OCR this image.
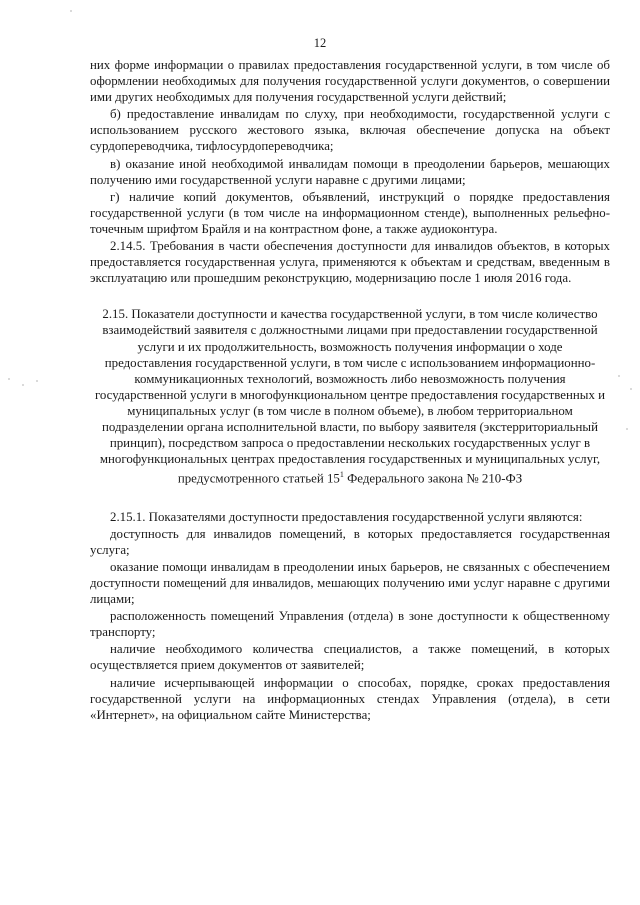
12

них форме информации о правилах предоставления государственной услуги, в том числе об оформлении необходимых для получения государственной услуги документов, о совершении ими других необходимых для получения государственной услуги действий;

б) предоставление инвалидам по слуху, при необходимости, государственной услуги с использованием русского жестового языка, включая обеспечение допуска на объект сурдопереводчика, тифлосурдопереводчика;

в) оказание иной необходимой инвалидам помощи в преодолении барьеров, мешающих получению ими государственной услуги наравне с другими лицами;

г) наличие копий документов, объявлений, инструкций о порядке предоставления государственной услуги (в том числе на информационном стенде), выполненных рельефно-точечным шрифтом Брайля и на контрастном фоне, а также аудиоконтура.

2.14.5. Требования в части обеспечения доступности для инвалидов объектов, в которых предоставляется государственная услуга, применяются к объектам и средствам, введенным в эксплуатацию или прошедшим реконструкцию, модернизацию после 1 июля 2016 года.

2.15. Показатели доступности и качества государственной услуги, в том числе количество взаимодействий заявителя с должностными лицами при предоставлении государственной услуги и их продолжительность, возможность получения информации о ходе предоставления государственной услуги, в том числе с использованием информационно-коммуникационных технологий, возможность либо невозможность получения государственной услуги в многофункциональном центре предоставления государственных и муниципальных услуг (в том числе в полном объеме), в любом территориальном подразделении органа исполнительной власти, по выбору заявителя (экстерриториальный принцип), посредством запроса о предоставлении нескольких государственных услуг в многофункциональных центрах предоставления государственных и муниципальных услуг, предусмотренного статьей $15^1$ Федерального закона № 210-ФЗ

2.15.1. Показателями доступности предоставления государственной услуги являются:

доступность для инвалидов помещений, в которых предоставляется государственная услуга;

оказание помощи инвалидам в преодолении иных барьеров, не связанных с обеспечением доступности помещений для инвалидов, мешающих получению ими услуг наравне с другими лицами;

расположенность помещений Управления (отдела) в зоне доступности к общественному транспорту;

наличие необходимого количества специалистов, а также помещений, в которых осуществляется прием документов от заявителей;

наличие исчерпывающей информации о способах, порядке, сроках предоставления государственной услуги на информационных стендах Управления (отдела), в сети «Интернет», на официальном сайте Министерства;
